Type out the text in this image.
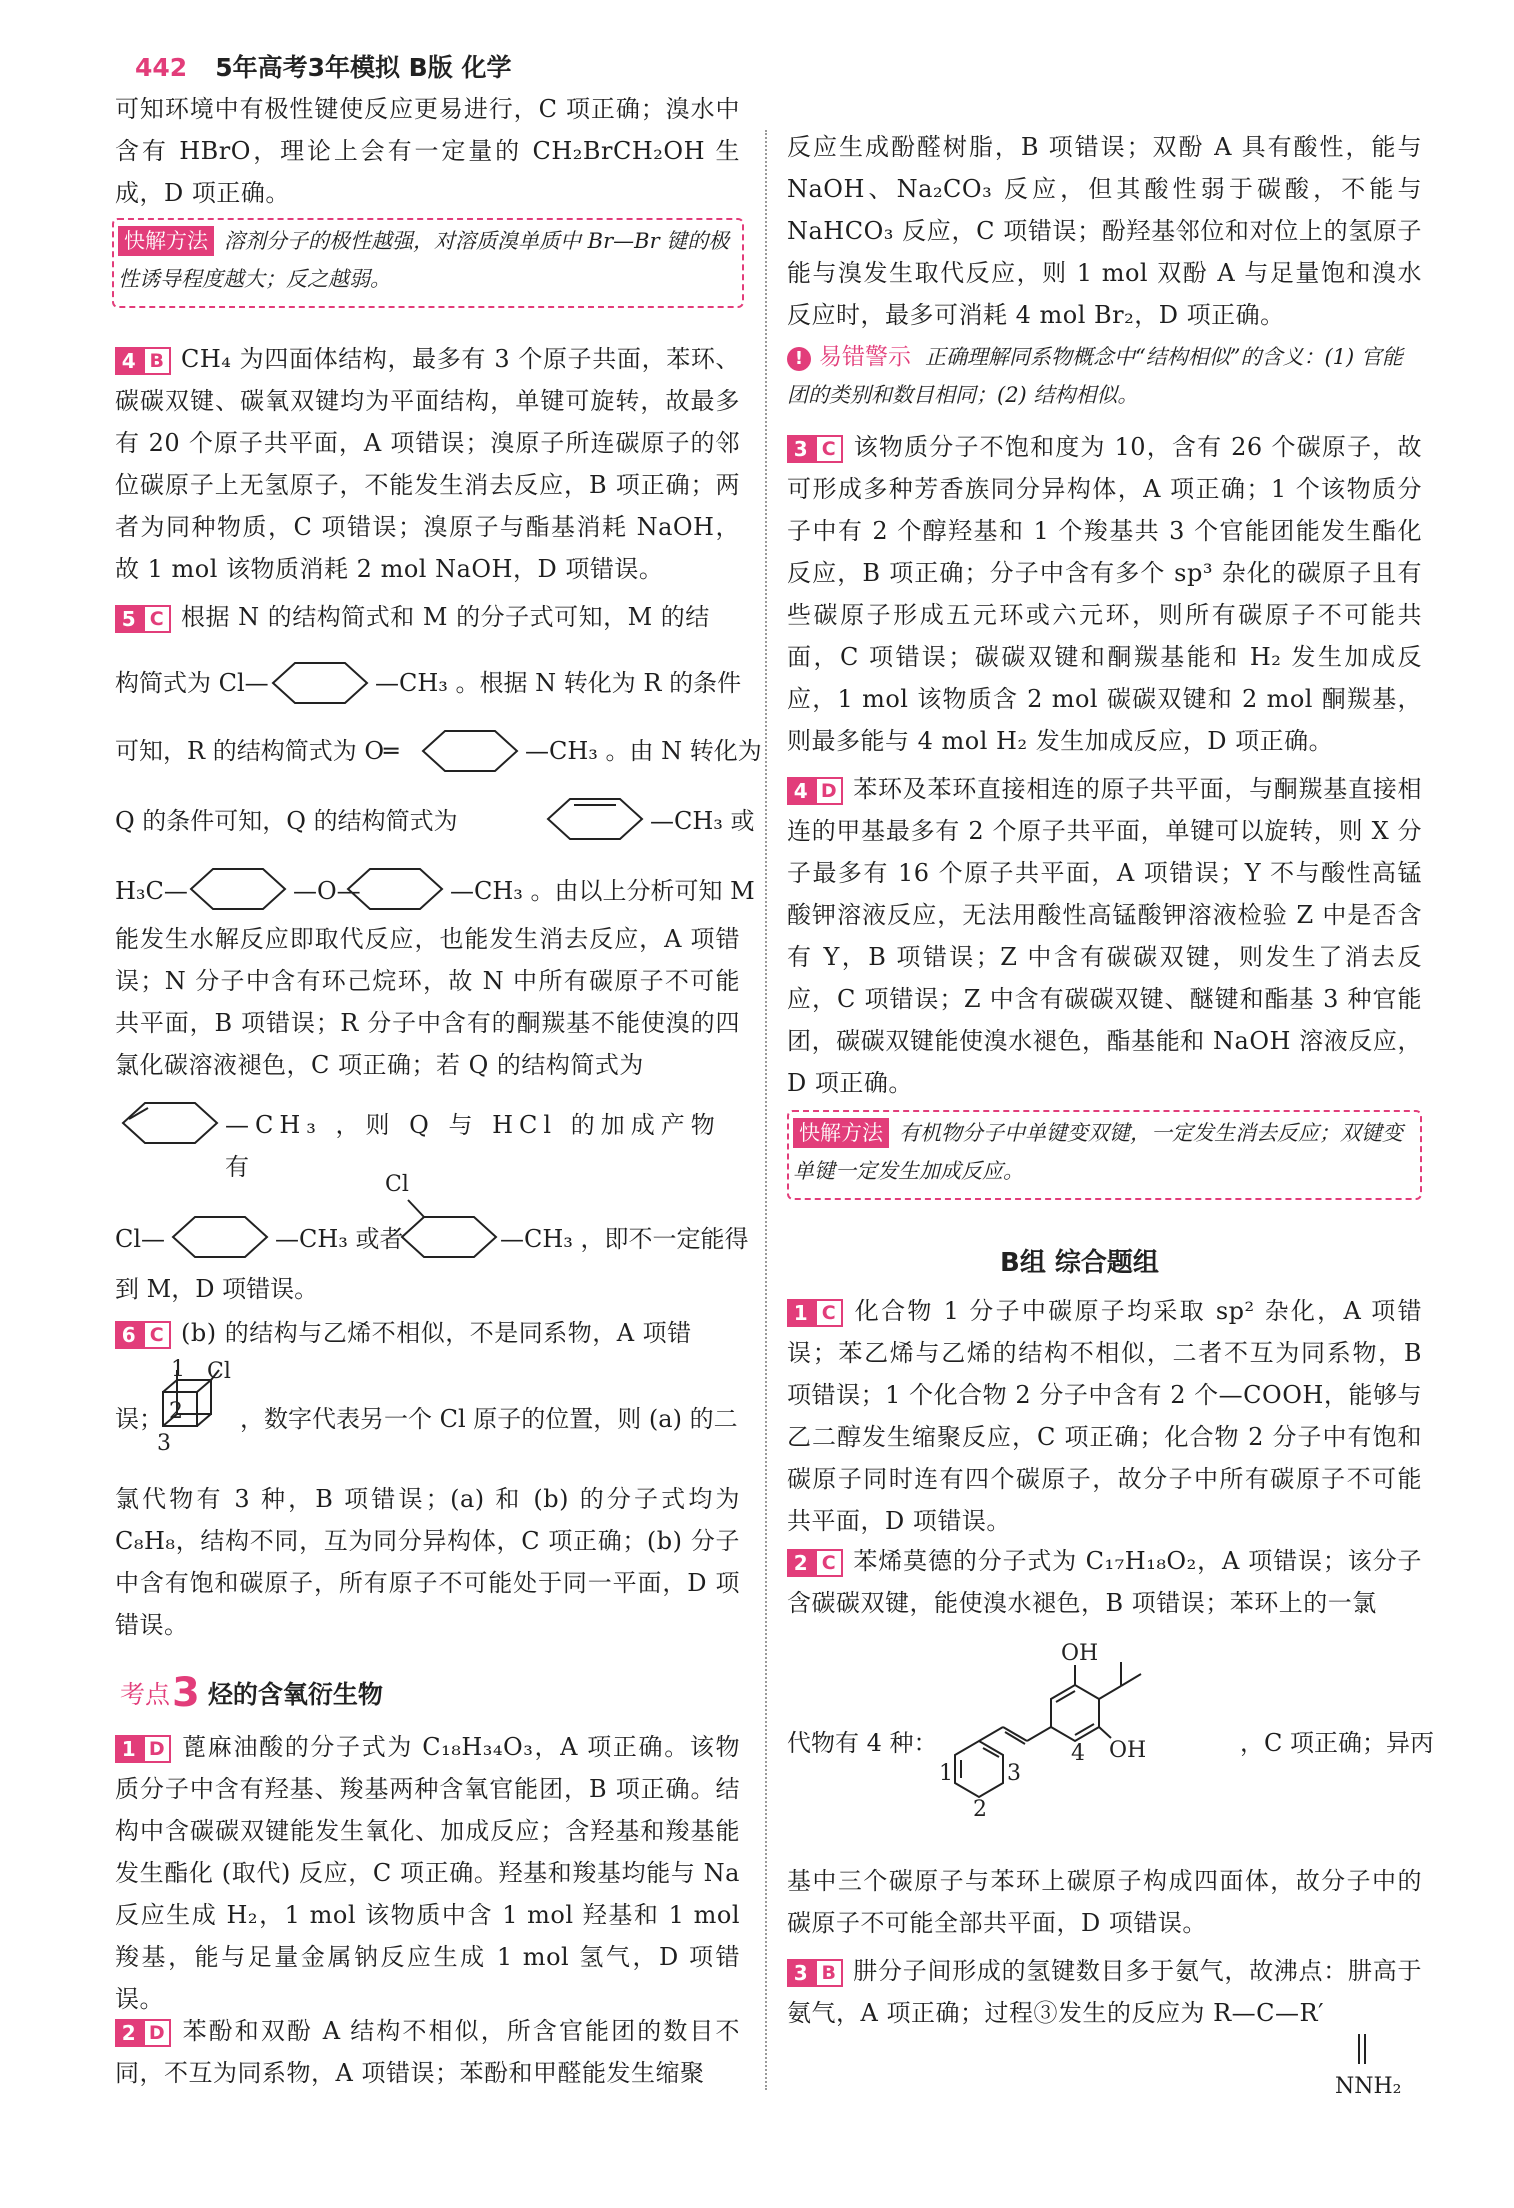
442 5年高考3年模拟 B版 化学
可知环境中有极性键使反应更易进行，C 项正确；溴水中含有 HBrO，理论上会有一定量的 CH₂BrCH₂OH 生成，D 项正确。
快解方法 溶剂分子的极性越强，对溶质溴单质中 Br—Br 键的极性诱导程度越大；反之越弱。
4 B CH₄ 为四面体结构，最多有 3 个原子共面，苯环、碳碳双键、碳氧双键均为平面结构，单键可旋转，故最多有 20 个原子共平面，A 项错误；溴原子所连碳原子的邻位碳原子上无氢原子，不能发生消去反应，B 项正确；两者为同种物质，C 项错误；溴原子与酯基消耗 NaOH，故 1 mol 该物质消耗 2 mol NaOH，D 项错误。
5 C 根据 N 的结构简式和 M 的分子式可知，M 的结
构简式为 Cl—	—CH₃ 。根据 N 转化为 R 的条件
可知，R 的结构简式为 O═	—CH₃ 。由 N 转化为
Q 的条件可知，Q 的结构简式为	—CH₃ 或
H₃C—	—O—	—CH₃ 。由以上分析可知 M
能发生水解反应即取代反应，也能发生消去反应，A 项错误；N 分子中含有环己烷环，故 N 中所有碳原子不可能共平面，B 项错误；R 分子中含有的酮羰基不能使溴的四氯化碳溶液褪色，C 项正确；若 Q 的结构简式为
—CH₃ ，则 Q 与 HCl 的加成产物有
Cl—	—CH₃ 或者
Cl
—CH₃ ，即不一定能得
到 M，D 项错误。
6 C (b) 的结构与乙烯不相似，不是同系物，A 项错
误；
1 Cl
2
3
，数字代表另一个 Cl 原子的位置，则 (a) 的二
氯代物有 3 种，B 项错误；(a) 和 (b) 的分子式均为 C₈H₈，结构不同，互为同分异构体，C 项正确；(b) 分子中含有饱和碳原子，所有原子不可能处于同一平面，D 项错误。
考点 3 烃的含氧衍生物
1 D 蓖麻油酸的分子式为 C₁₈H₃₄O₃，A 项正确。该物质分子中含有羟基、羧基两种含氧官能团，B 项正确。结构中含碳碳双键能发生氧化、加成反应；含羟基和羧基能发生酯化 (取代) 反应，C 项正确。羟基和羧基均能与 Na 反应生成 H₂，1 mol 该物质中含 1 mol 羟基和 1 mol 羧基，能与足量金属钠反应生成 1 mol 氢气，D 项错误。
2 D 苯酚和双酚 A 结构不相似，所含官能团的数目不同，不互为同系物，A 项错误；苯酚和甲醛能发生缩聚
反应生成酚醛树脂，B 项错误；双酚 A 具有酸性，能与 NaOH、Na₂CO₃ 反应，但其酸性弱于碳酸，不能与 NaHCO₃ 反应，C 项错误；酚羟基邻位和对位上的氢原子能与溴发生取代反应，则 1 mol 双酚 A 与足量饱和溴水反应时，最多可消耗 4 mol Br₂，D 项正确。
! 易错警示 正确理解同系物概念中“结构相似”的含义：(1) 官能团的类别和数目相同；(2) 结构相似。
3 C 该物质分子不饱和度为 10，含有 26 个碳原子，故可形成多种芳香族同分异构体，A 项正确；1 个该物质分子中有 2 个醇羟基和 1 个羧基共 3 个官能团能发生酯化反应，B 项正确；分子中含有多个 sp³ 杂化的碳原子且有些碳原子形成五元环或六元环，则所有碳原子不可能共面，C 项错误；碳碳双键和酮羰基能和 H₂ 发生加成反应，1 mol 该物质含 2 mol 碳碳双键和 2 mol 酮羰基，则最多能与 4 mol H₂ 发生加成反应，D 项正确。
4 D 苯环及苯环直接相连的原子共平面，与酮羰基直接相连的甲基最多有 2 个原子共平面，单键可以旋转，则 X 分子最多有 16 个原子共平面，A 项错误；Y 不与酸性高锰酸钾溶液反应，无法用酸性高锰酸钾溶液检验 Z 中是否含有 Y，B 项错误；Z 中含有碳碳双键，则发生了消去反应，C 项错误；Z 中含有碳碳双键、醚键和酯基 3 种官能团，碳碳双键能使溴水褪色，酯基能和 NaOH 溶液反应，D 项正确。
快解方法 有机物分子中单键变双键，一定发生消去反应；双键变单键一定发生加成反应。
B组 综合题组
1 C 化合物 1 分子中碳原子均采取 sp² 杂化，A 项错误；苯乙烯与乙烯的结构不相似，二者不互为同系物，B 项错误；1 个化合物 2 分子中含有 2 个—COOH，能够与乙二醇发生缩聚反应，C 项正确；化合物 2 分子中有饱和碳原子同时连有四个碳原子，故分子中所有碳原子不可能共平面，D 项错误。
2 C 苯烯莫德的分子式为 C₁₇H₁₈O₂，A 项错误；该分子含碳碳双键，能使溴水褪色，B 项错误；苯环上的一氯
代物有 4 种：
OH
OH
1
2
3
4	，C 项正确；异丙
基中三个碳原子与苯环上碳原子构成四面体，故分子中的碳原子不可能全部共平面，D 项错误。
3 B 肼分子间形成的氢键数目多于氨气，故沸点：肼高于氨气，A 项正确；过程③发生的反应为 R—C—R′
NNH₂
